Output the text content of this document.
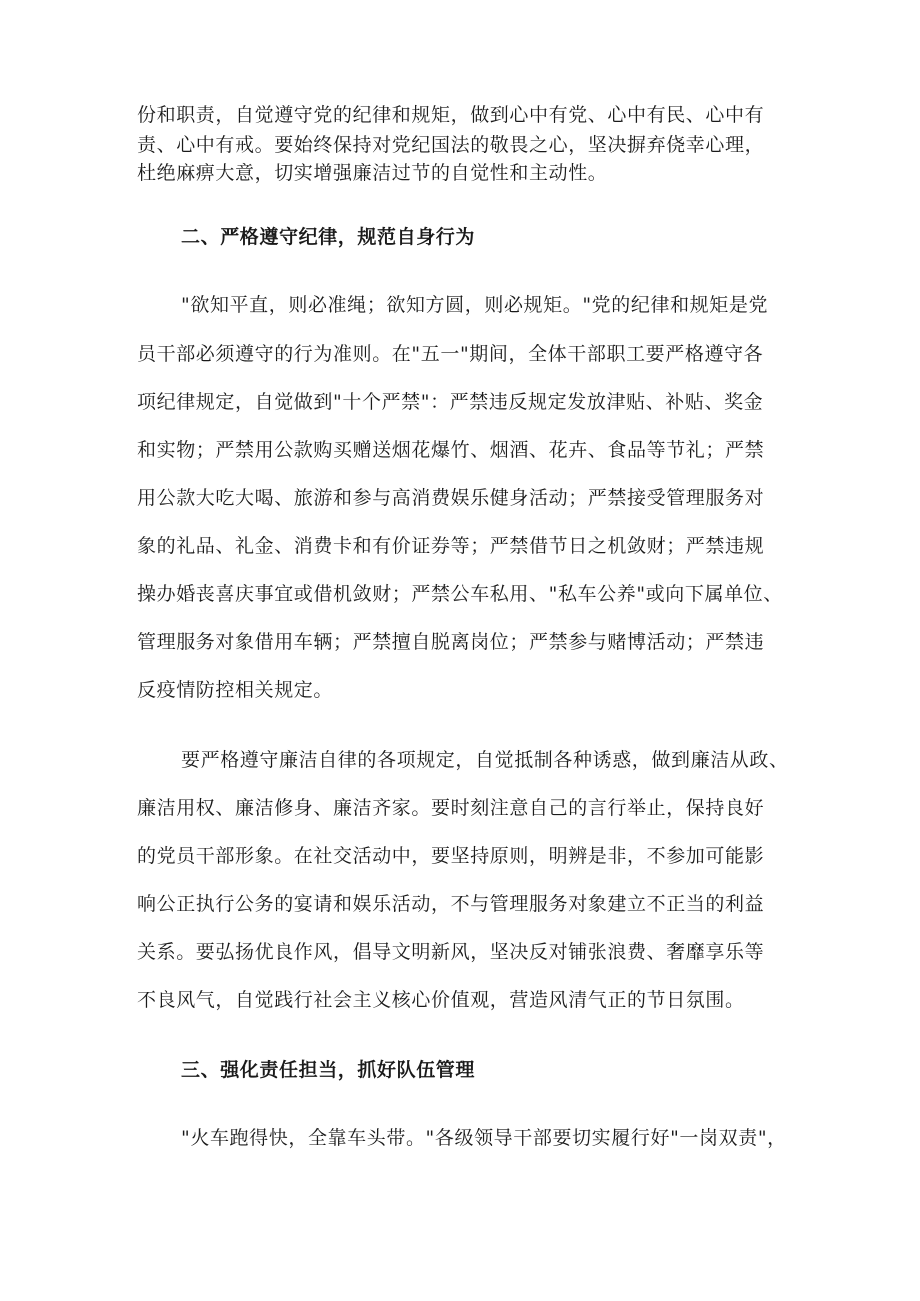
份和职责，自觉遵守党的纪律和规矩，做到心中有党、心中有民、心中有
责、心中有戒。要始终保持对党纪国法的敬畏之心，坚决摒弃侥幸心理，
杜绝麻痹大意，切实增强廉洁过节的自觉性和主动性。
二、严格遵守纪律，规范自身行为
"欲知平直，则必准绳；欲知方圆，则必规矩。"党的纪律和规矩是党
员干部必须遵守的行为准则。在"五一"期间，全体干部职工要严格遵守各
项纪律规定，自觉做到"十个严禁"：严禁违反规定发放津贴、补贴、奖金
和实物；严禁用公款购买赠送烟花爆竹、烟酒、花卉、食品等节礼；严禁
用公款大吃大喝、旅游和参与高消费娱乐健身活动；严禁接受管理服务对
象的礼品、礼金、消费卡和有价证券等；严禁借节日之机敛财；严禁违规
操办婚丧喜庆事宜或借机敛财；严禁公车私用、"私车公养"或向下属单位、
管理服务对象借用车辆；严禁擅自脱离岗位；严禁参与赌博活动；严禁违
反疫情防控相关规定。
要严格遵守廉洁自律的各项规定，自觉抵制各种诱惑，做到廉洁从政、
廉洁用权、廉洁修身、廉洁齐家。要时刻注意自己的言行举止，保持良好
的党员干部形象。在社交活动中，要坚持原则，明辨是非，不参加可能影
响公正执行公务的宴请和娱乐活动，不与管理服务对象建立不正当的利益
关系。要弘扬优良作风，倡导文明新风，坚决反对铺张浪费、奢靡享乐等
不良风气，自觉践行社会主义核心价值观，营造风清气正的节日氛围。
三、强化责任担当，抓好队伍管理
"火车跑得快，全靠车头带。"各级领导干部要切实履行好"一岗双责"，
